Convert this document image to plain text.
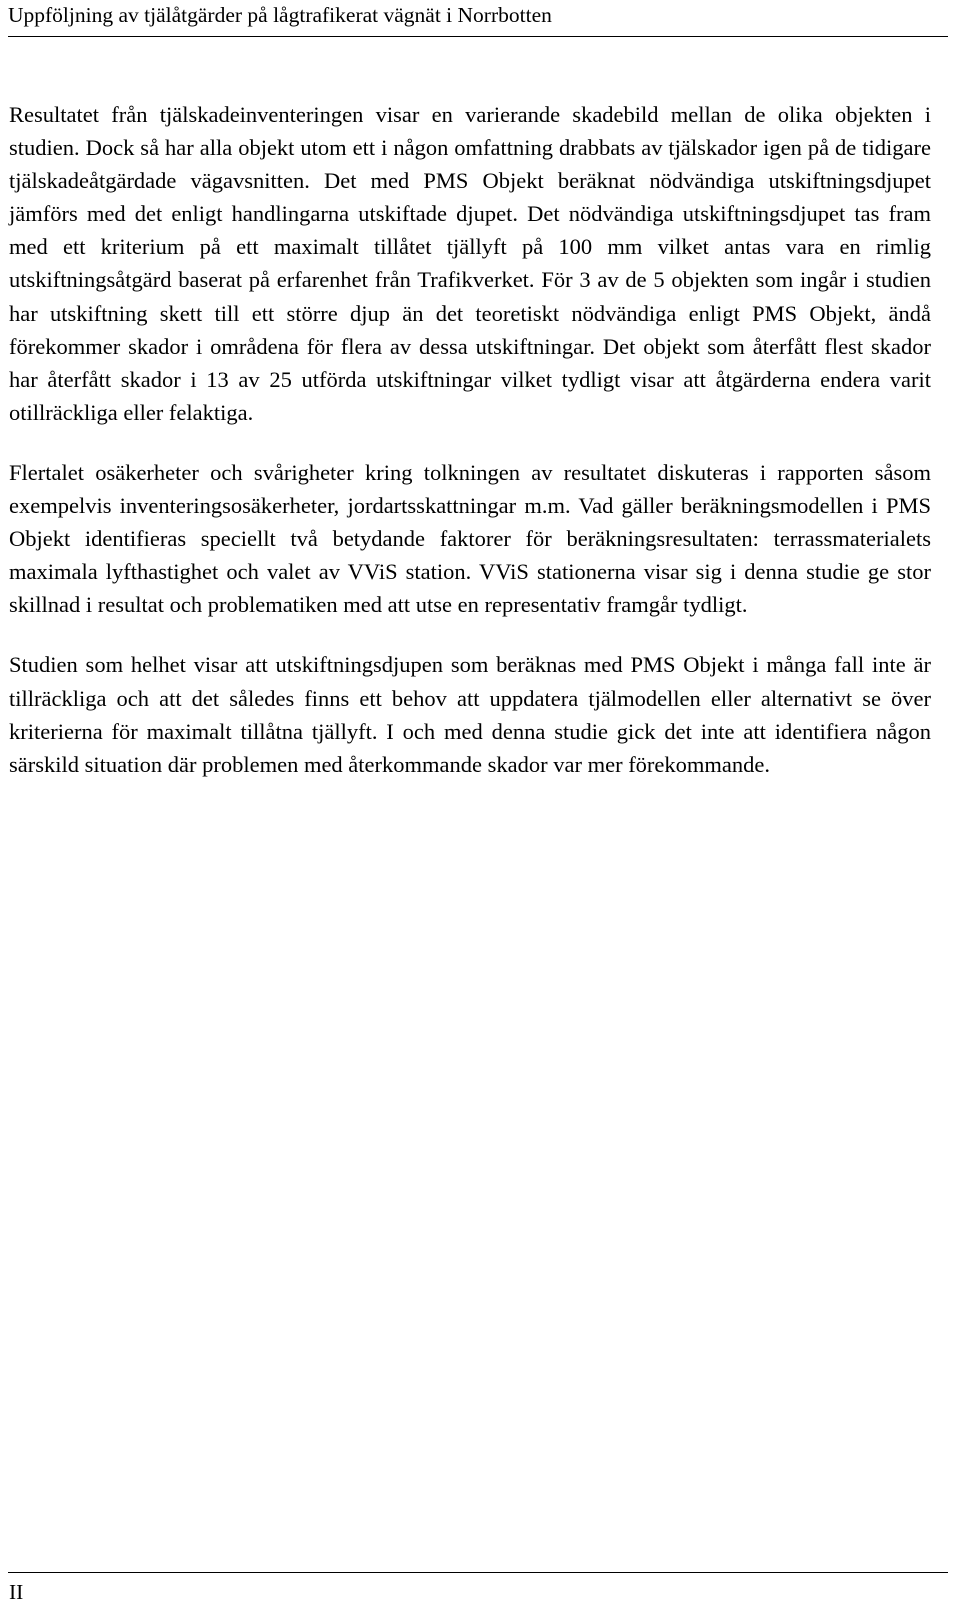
Uppföljning av tjälåtgärder på lågtrafikerat vägnät i Norrbotten

Resultatet från tjälskadeinventeringen visar en varierande skadebild mellan de olika objekten i studien. Dock så har alla objekt utom ett i någon omfattning drabbats av tjälskador igen på de tidigare tjälskadeåtgärdade vägavsnitten. Det med PMS Objekt beräknat nödvändiga utskiftningsdjupet jämförs med det enligt handlingarna utskiftade djupet. Det nödvändiga utskiftningsdjupet tas fram med ett kriterium på ett maximalt tillåtet tjällyft på 100 mm vilket antas vara en rimlig utskiftningsåtgärd baserat på erfarenhet från Trafikverket. För 3 av de 5 objekten som ingår i studien har utskiftning skett till ett större djup än det teoretiskt nödvändiga enligt PMS Objekt, ändå förekommer skador i områdena för flera av dessa utskiftningar. Det objekt som återfått flest skador har återfått skador i 13 av 25 utförda utskiftningar vilket tydligt visar att åtgärderna endera varit otillräckliga eller felaktiga.

Flertalet osäkerheter och svårigheter kring tolkningen av resultatet diskuteras i rapporten såsom exempelvis inventeringsosäkerheter, jordartsskattningar m.m. Vad gäller beräkningsmodellen i PMS Objekt identifieras speciellt två betydande faktorer för beräkningsresultaten: terrassmaterialets maximala lyfthastighet och valet av VViS station. VViS stationerna visar sig i denna studie ge stor skillnad i resultat och problematiken med att utse en representativ framgår tydligt.

Studien som helhet visar att utskiftningsdjupen som beräknas med PMS Objekt i många fall inte är tillräckliga och att det således finns ett behov att uppdatera tjälmodellen eller alternativt se över kriterierna för maximalt tillåtna tjällyft. I och med denna studie gick det inte att identifiera någon särskild situation där problemen med återkommande skador var mer förekommande.

II
